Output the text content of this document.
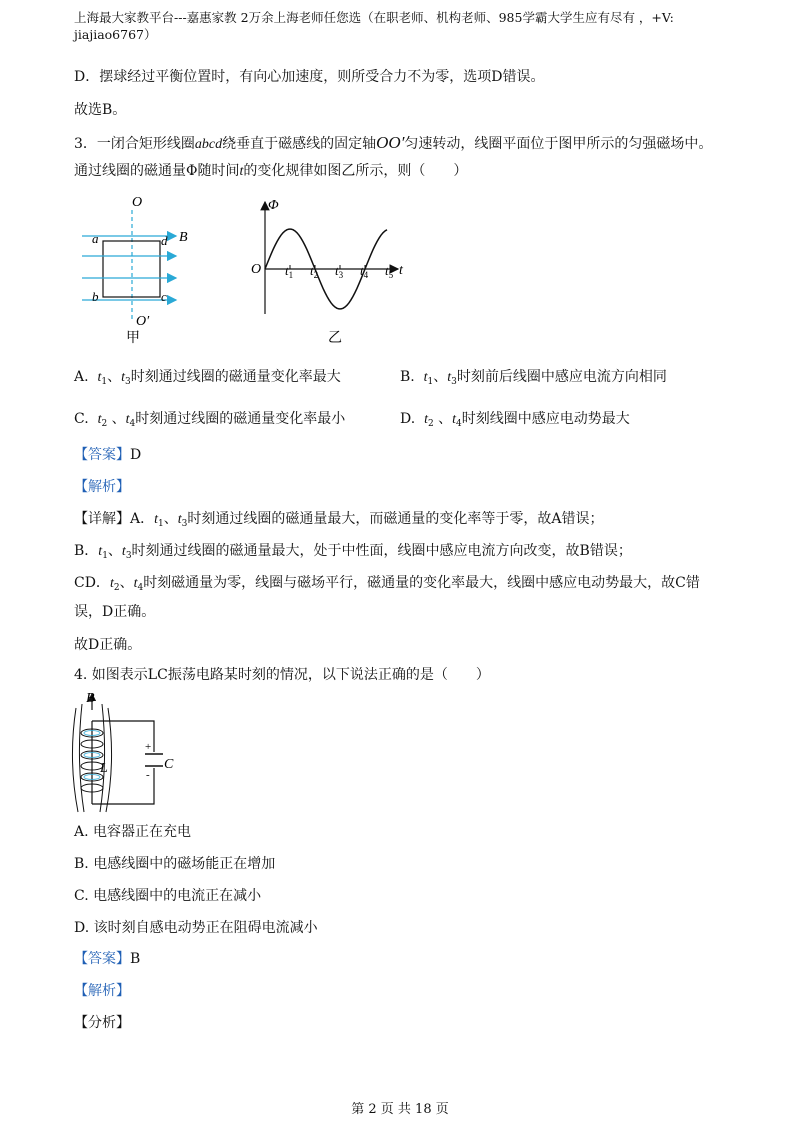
上海最大家教平台---嘉惠家教 2万余上海老师任您选（在职老师、机构老师、985学霸大学生应有尽有 ，+V: jiajiao6767）
D．摆球经过平衡位置时，有向心加速度，则所受合力不为零，选项D错误。
故选B。
3．一闭合矩形线圈abcd绕垂直于磁感线的固定轴OO′匀速转动，线圈平面位于图甲所示的匀强磁场中。
通过线圈的磁通量Φ随时间t的变化规律如图乙所示，则（　　）
O
O′
a	d
b	c
B
甲
Φ
O	t
$t_1$ $t_2$ $t_3$ $t_4$ $t_5$
乙
A.  $t_1$、$t_3$时刻通过线圈的磁通量变化率最大	B.  $t_1$、$t_3$时刻前后线圈中感应电流方向相同
C.  $t_2$ 、$t_4$时刻通过线圈的磁通量变化率最小	D.  $t_2$ 、$t_4$时刻线圈中感应电动势最大
【答案】D
【解析】
【详解】A．$t_1$、$t_3$时刻通过线圈的磁通量最大，而磁通量的变化率等于零，故A错误；
B．$t_1$、$t_3$时刻通过线圈的磁通量最大，处于中性面，线圈中感应电流方向改变，故B错误；
CD．$t_2$、$t_4$时刻磁通量为零，线圈与磁场平行，磁通量的变化率最大，线圈中感应电动势最大，故C错
误，D正确。
故D正确。
4. 如图表示LC振荡电路某时刻的情况，以下说法正确的是（　　）
+
-
C
B
L
A. 电容器正在充电
B. 电感线圈中的磁场能正在增加
C. 电感线圈中的电流正在减小
D. 该时刻自感电动势正在阻碍电流减小
【答案】B
【解析】
【分析】
第 2 页 共 18 页
